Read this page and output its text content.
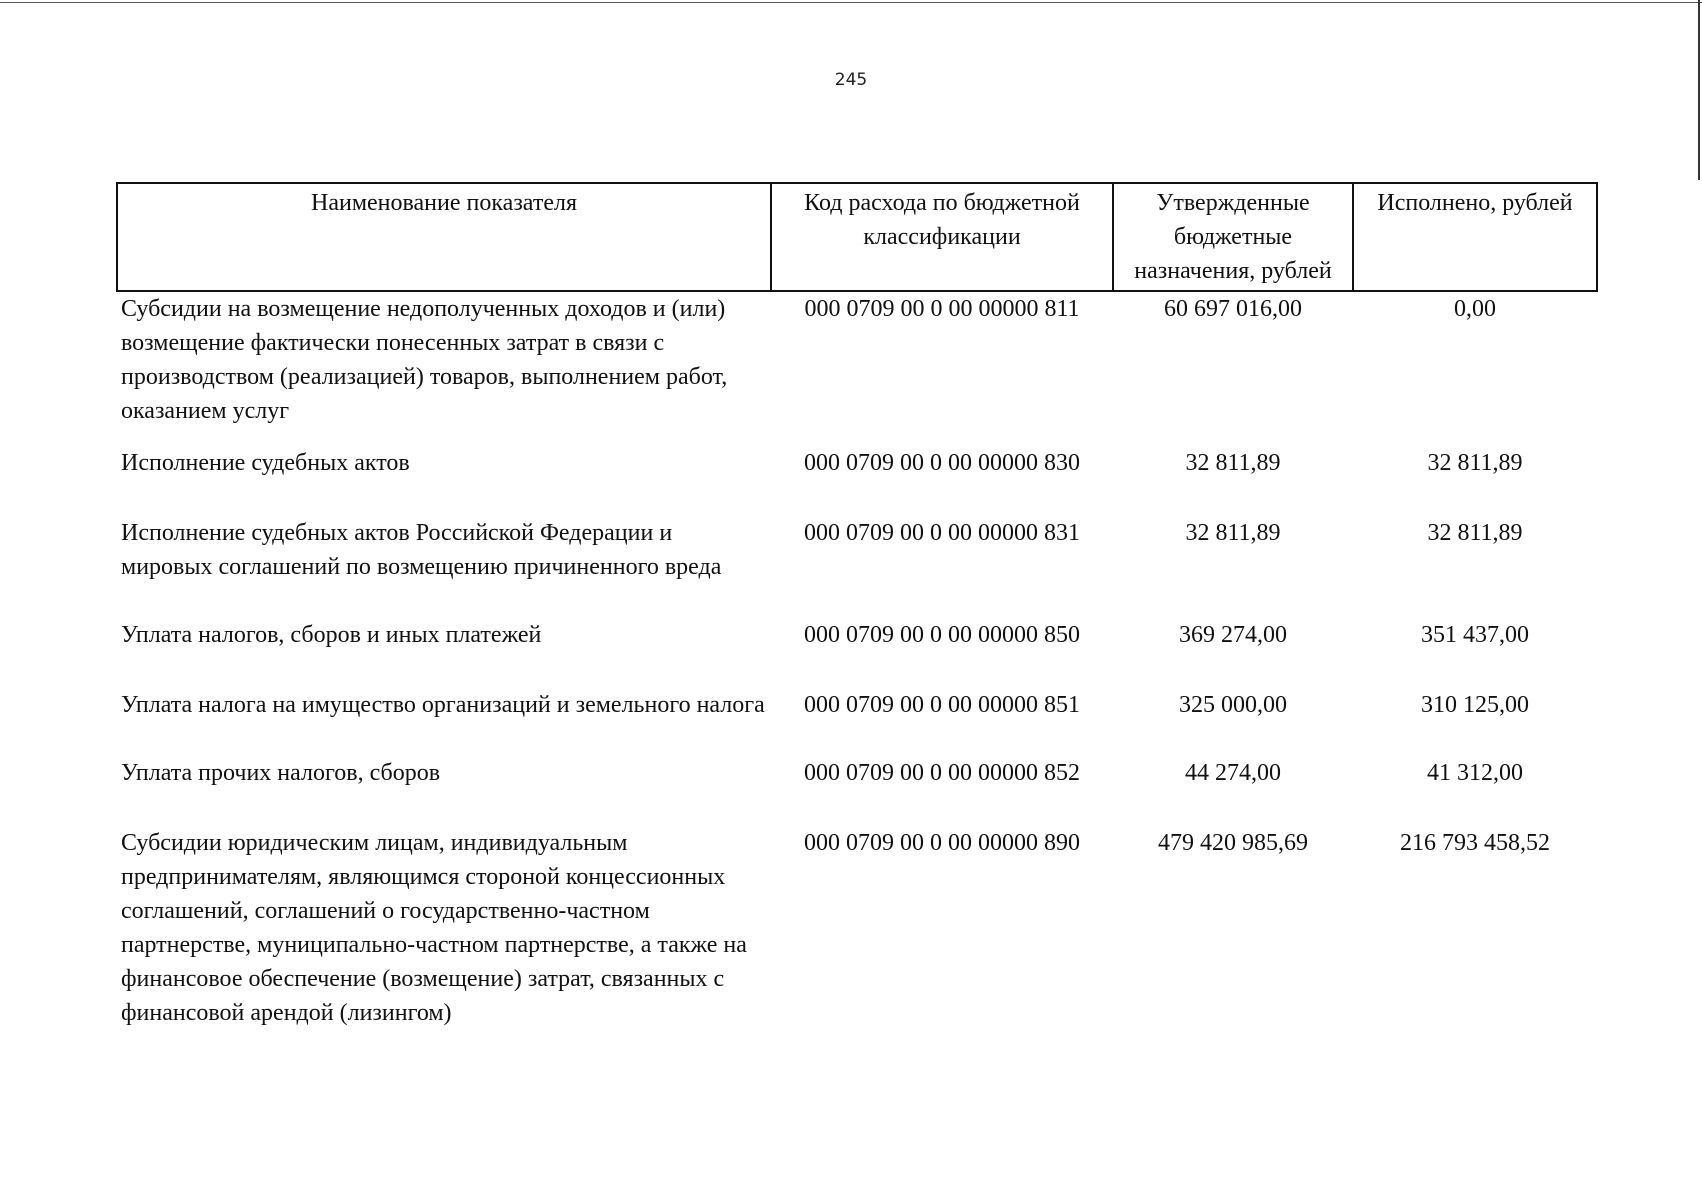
245
Наименование показателя	Код расхода по бюджетной классификации	Утвержденные бюджетные назначения, рублей	Исполнено, рублей
Субсидии на возмещение недополученных доходов и (или) возмещение фактически понесенных затрат в связи с производством (реализацией) товаров, выполнением работ, оказанием услуг	000 0709 00 0 00 00000 811	60 697 016,00	0,00
Исполнение судебных актов	000 0709 00 0 00 00000 830	32 811,89	32 811,89
Исполнение судебных актов Российской Федерации и мировых соглашений по возмещению причиненного вреда	000 0709 00 0 00 00000 831	32 811,89	32 811,89
Уплата налогов, сборов и иных платежей	000 0709 00 0 00 00000 850	369 274,00	351 437,00
Уплата налога на имущество организаций и земельного налога	000 0709 00 0 00 00000 851	325 000,00	310 125,00
Уплата прочих налогов, сборов	000 0709 00 0 00 00000 852	44 274,00	41 312,00
Субсидии юридическим лицам, индивидуальным предпринимателям, являющимся стороной концессионных соглашений, соглашений о государственно-частном партнерстве, муниципально-частном партнерстве, а также на финансовое обеспечение (возмещение) затрат, связанных с финансовой арендой (лизингом)	000 0709 00 0 00 00000 890	479 420 985,69	216 793 458,52
